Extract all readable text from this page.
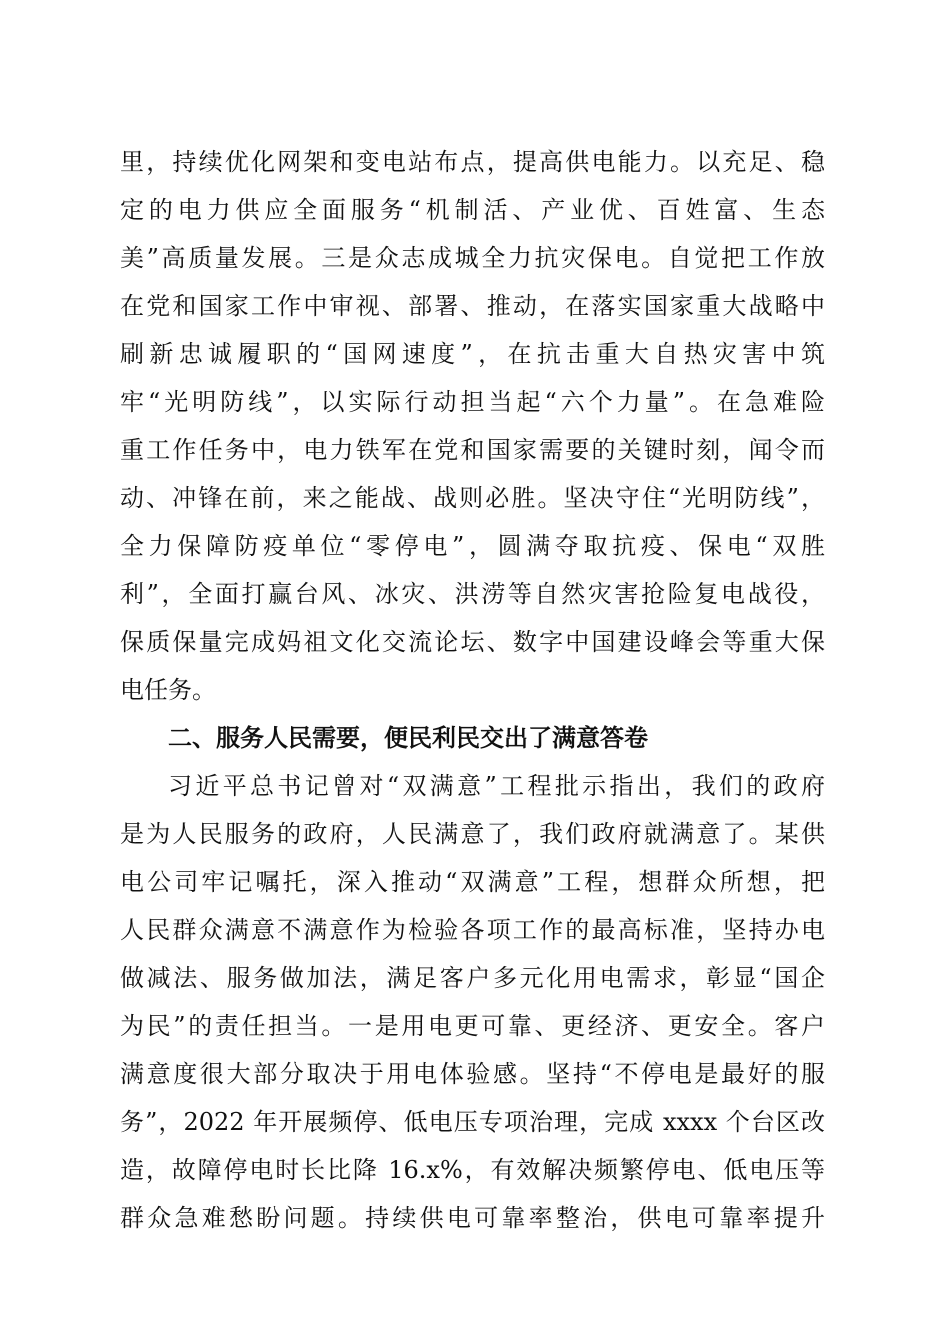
里，持续优化网架和变电站布点，提高供电能力。以充足、稳
定的电力供应全面服务“机制活、产业优、百姓富、生态
美”高质量发展。三是众志成城全力抗灾保电。自觉把工作放
在党和国家工作中审视、部署、推动，在落实国家重大战略中
刷新忠诚履职的“国网速度”，在抗击重大自热灾害中筑
牢“光明防线”，以实际行动担当起“六个力量”。在急难险
重工作任务中，电力铁军在党和国家需要的关键时刻，闻令而
动、冲锋在前，来之能战、战则必胜。坚决守住“光明防线”，
全力保障防疫单位“零停电”，圆满夺取抗疫、保电“双胜
利”，全面打赢台风、冰灾、洪涝等自然灾害抢险复电战役，
保质保量完成妈祖文化交流论坛、数字中国建设峰会等重大保
电任务。
二、服务人民需要，便民利民交出了满意答卷
习近平总书记曾对“双满意”工程批示指出，我们的政府
是为人民服务的政府，人民满意了，我们政府就满意了。某供
电公司牢记嘱托，深入推动“双满意”工程，想群众所想，把
人民群众满意不满意作为检验各项工作的最高标准，坚持办电
做减法、服务做加法，满足客户多元化用电需求，彰显“国企
为民”的责任担当。一是用电更可靠、更经济、更安全。客户
满意度很大部分取决于用电体验感。坚持“不停电是最好的服
务”，2022 年开展频停、低电压专项治理，完成 xxxx 个台区改
造，故障停电时长比降 16.x%，有效解决频繁停电、低电压等
群众急难愁盼问题。持续供电可靠率整治，供电可靠率提升
